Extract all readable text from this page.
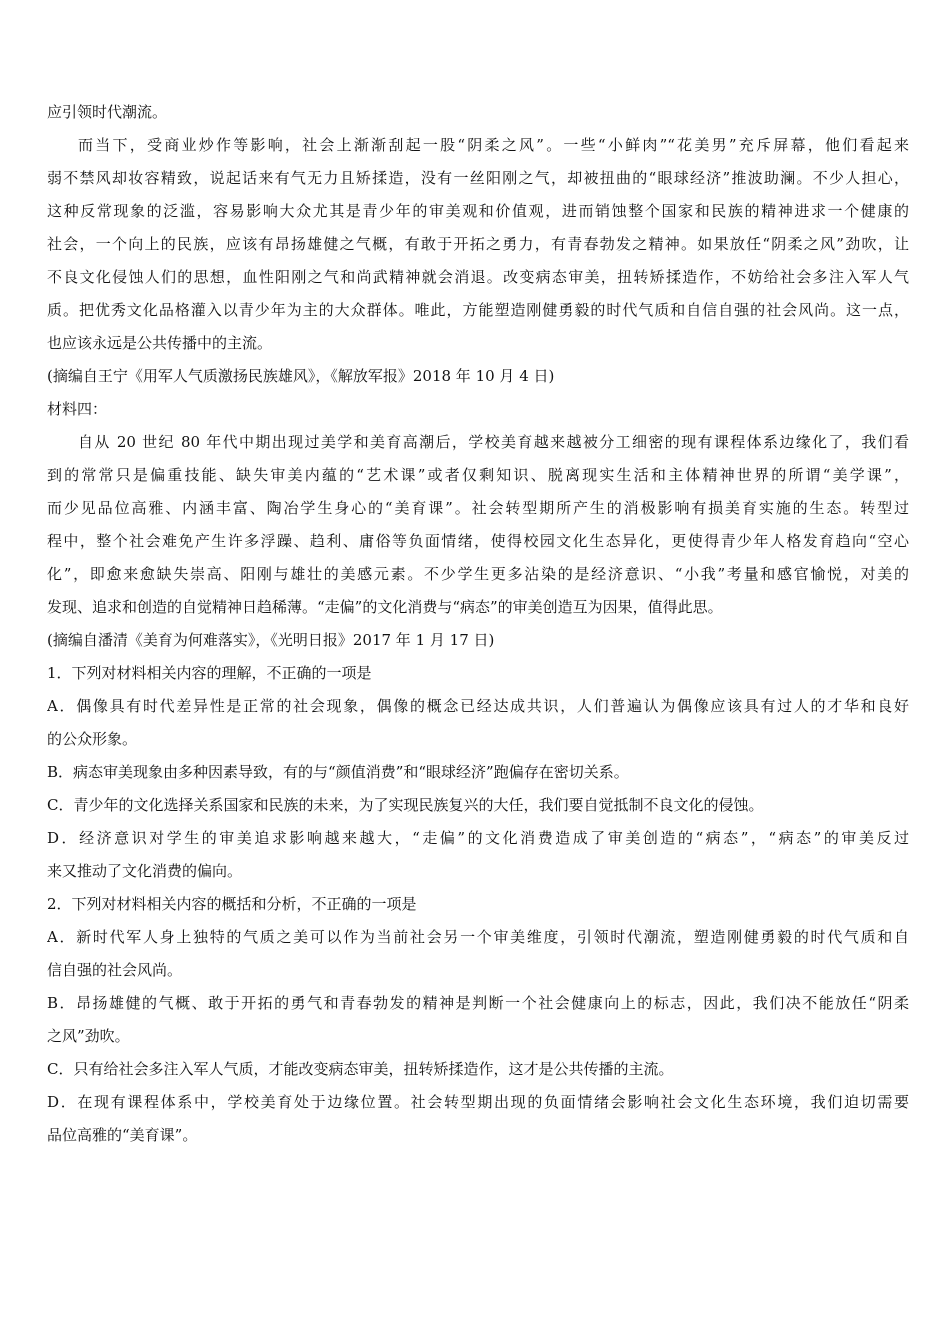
应引领时代潮流。

而当下，受商业炒作等影响，社会上渐渐刮起一股“阴柔之风”。一些“小鲜肉”“花美男”充斥屏幕，他们看起来

弱不禁风却妆容精致，说起话来有气无力且矫揉造，没有一丝阳刚之气，却被扭曲的“眼球经济”推波助澜。不少人担心，

这种反常现象的泛滥，容易影响大众尤其是青少年的审美观和价值观，进而销蚀整个国家和民族的精神进求一个健康的

社会，一个向上的民族，应该有昂扬雄健之气概，有敢于开拓之勇力，有青春勃发之精神。如果放任“阴柔之风”劲吹，让

不良文化侵蚀人们的思想，血性阳刚之气和尚武精神就会消退。改变病态审美，扭转矫揉造作，不妨给社会多注入军人气

质。把优秀文化品格灌入以青少年为主的大众群体。唯此，方能塑造刚健勇毅的时代气质和自信自强的社会风尚。这一点，

也应该永远是公共传播中的主流。

(摘编自王宁《用军人气质激扬民族雄风》，《解放军报》2018 年 10 月 4 日)

材料四：

自从 20 世纪 80 年代中期出现过美学和美育高潮后，学校美育越来越被分工细密的现有课程体系边缘化了，我们看

到的常常只是偏重技能、缺失审美内蕴的“艺术课”或者仅剩知识、脱离现实生活和主体精神世界的所谓“美学课”，

而少见品位高雅、内涵丰富、陶冶学生身心的“美育课”。社会转型期所产生的消极影响有损美育实施的生态。转型过

程中，整个社会难免产生许多浮躁、趋利、庸俗等负面情绪，使得校园文化生态异化，更使得青少年人格发育趋向“空心

化”，即愈来愈缺失崇高、阳刚与雄壮的美感元素。不少学生更多沾染的是经济意识、“小我”考量和感官愉悦，对美的

发现、追求和创造的自觉精神日趋稀薄。“走偏”的文化消费与“病态”的审美创造互为因果，值得此思。

(摘编自潘清《美育为何难落实》，《光明日报》2017 年 1 月 17 日)

1．下列对材料相关内容的理解，不正确的一项是

A．偶像具有时代差异性是正常的社会现象，偶像的概念已经达成共识，人们普遍认为偶像应该具有过人的才华和良好

的公众形象。

B．病态审美现象由多种因素导致，有的与“颜值消费”和“眼球经济”跑偏存在密切关系。

C．青少年的文化选择关系国家和民族的未来，为了实现民族复兴的大任，我们要自觉抵制不良文化的侵蚀。

D．经济意识对学生的审美追求影响越来越大，“走偏”的文化消费造成了审美创造的“病态”，“病态”的审美反过

来又推动了文化消费的偏向。

2．下列对材料相关内容的概括和分析，不正确的一项是

A．新时代军人身上独特的气质之美可以作为当前社会另一个审美维度，引领时代潮流，塑造刚健勇毅的时代气质和自

信自强的社会风尚。

B．昂扬雄健的气概、敢于开拓的勇气和青春勃发的精神是判断一个社会健康向上的标志，因此，我们决不能放任“阴柔

之风”劲吹。

C．只有给社会多注入军人气质，才能改变病态审美，扭转矫揉造作，这才是公共传播的主流。

D．在现有课程体系中，学校美育处于边缘位置。社会转型期出现的负面情绪会影响社会文化生态环境，我们迫切需要

品位高雅的“美育课”。
